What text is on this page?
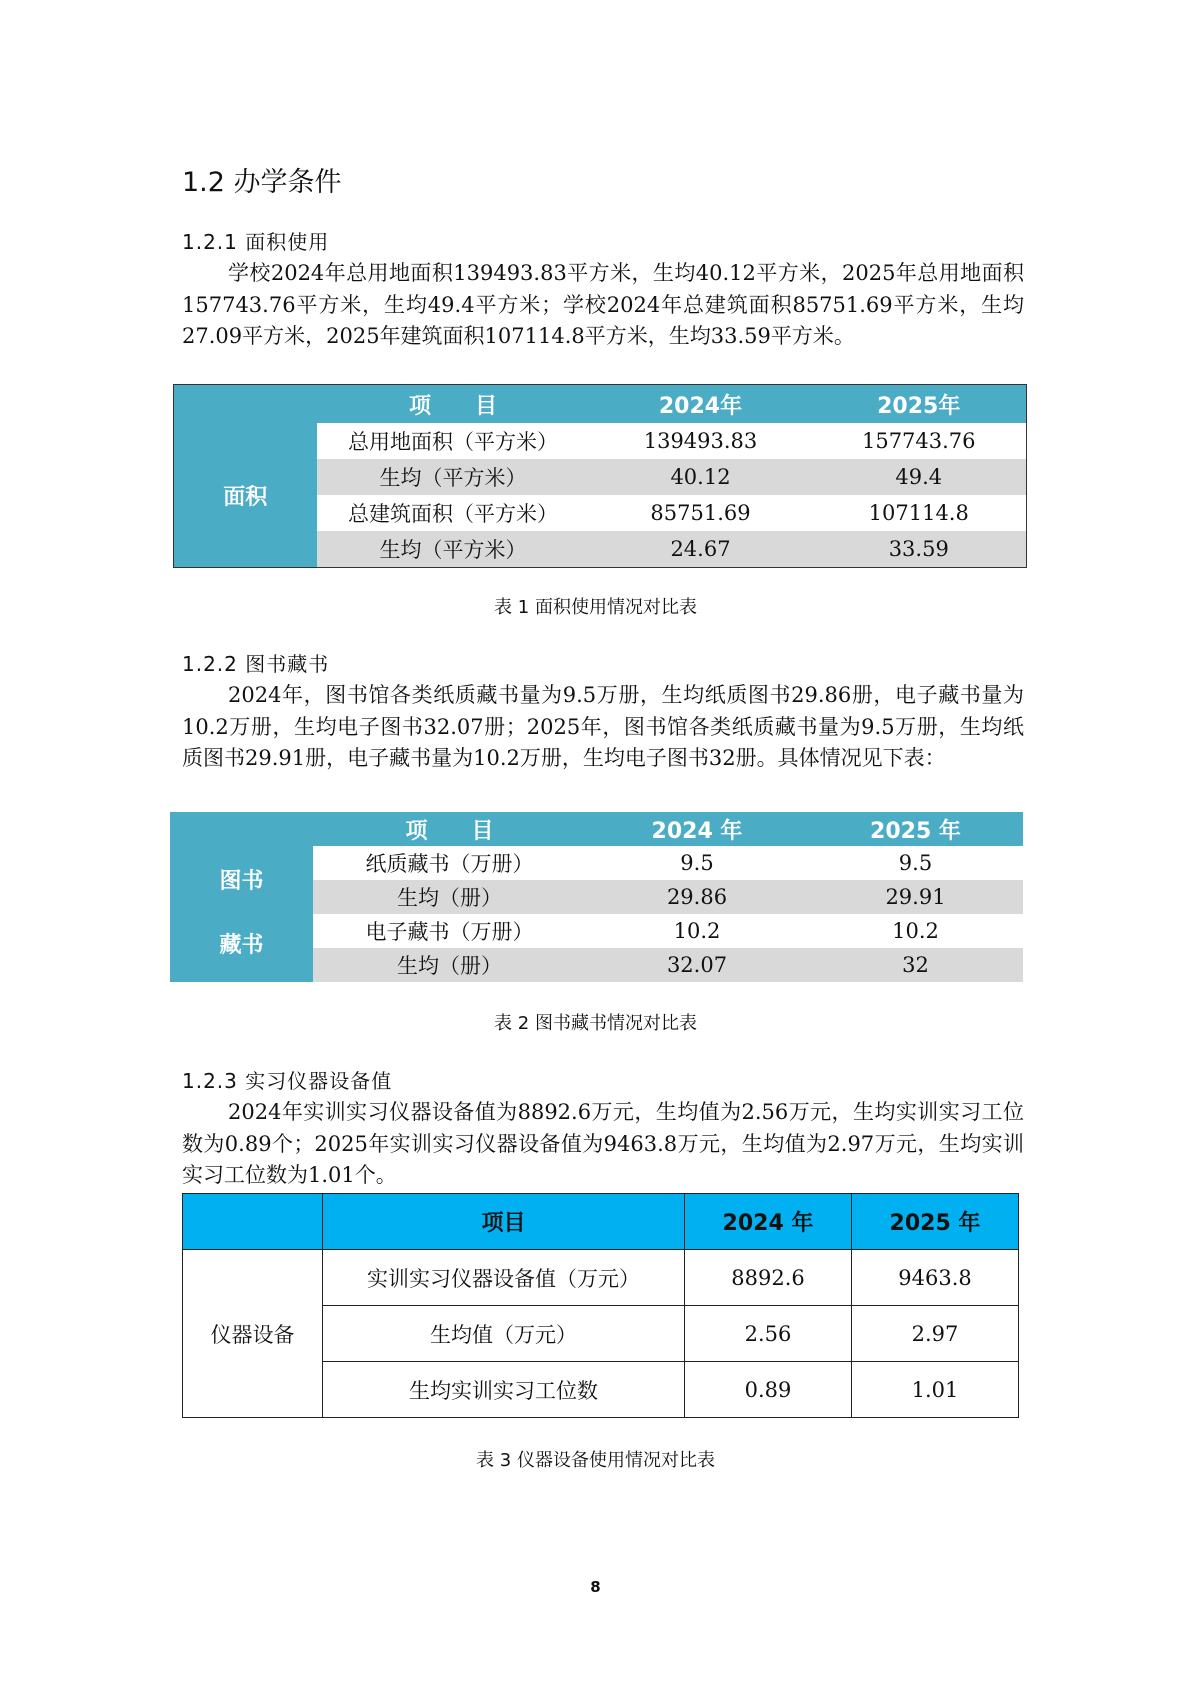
1.2 办学条件
1.2.1 面积使用
学校2024年总用地面积139493.83平方米，生均40.12平方米，2025年总用地面积157743.76平方米，生均49.4平方米；学校2024年总建筑面积85751.69平方米，生均27.09平方米，2025年建筑面积107114.8平方米，生均33.59平方米。
	项　　目	2024年	2025年
面积	总用地面积（平方米）	139493.83	157743.76
	生均（平方米）	40.12	49.4
	总建筑面积（平方米）	85751.69	107114.8
	生均（平方米）	24.67	33.59
表 1 面积使用情况对比表
1.2.2 图书藏书
2024年，图书馆各类纸质藏书量为9.5万册，生均纸质图书29.86册，电子藏书量为10.2万册，生均电子图书32.07册；2025年，图书馆各类纸质藏书量为9.5万册，生均纸质图书29.91册，电子藏书量为10.2万册，生均电子图书32册。具体情况见下表：
	项　　目	2024 年	2025 年

图书
藏书	纸质藏书（万册）	9.5	9.5
	生均（册）	29.86	29.91
	电子藏书（万册）	10.2	10.2
	生均（册）	32.07	32
表 2 图书藏书情况对比表
1.2.3 实习仪器设备值
2024年实训实习仪器设备值为8892.6万元，生均值为2.56万元，生均实训实习工位数为0.89个；2025年实训实习仪器设备值为9463.8万元，生均值为2.97万元，生均实训实习工位数为1.01个。
	项目	2024 年	2025 年
仪器设备	实训实习仪器设备值（万元）	8892.6	9463.8
	生均值（万元）	2.56	2.97
	生均实训实习工位数	0.89	1.01
表 3 仪器设备使用情况对比表
8
